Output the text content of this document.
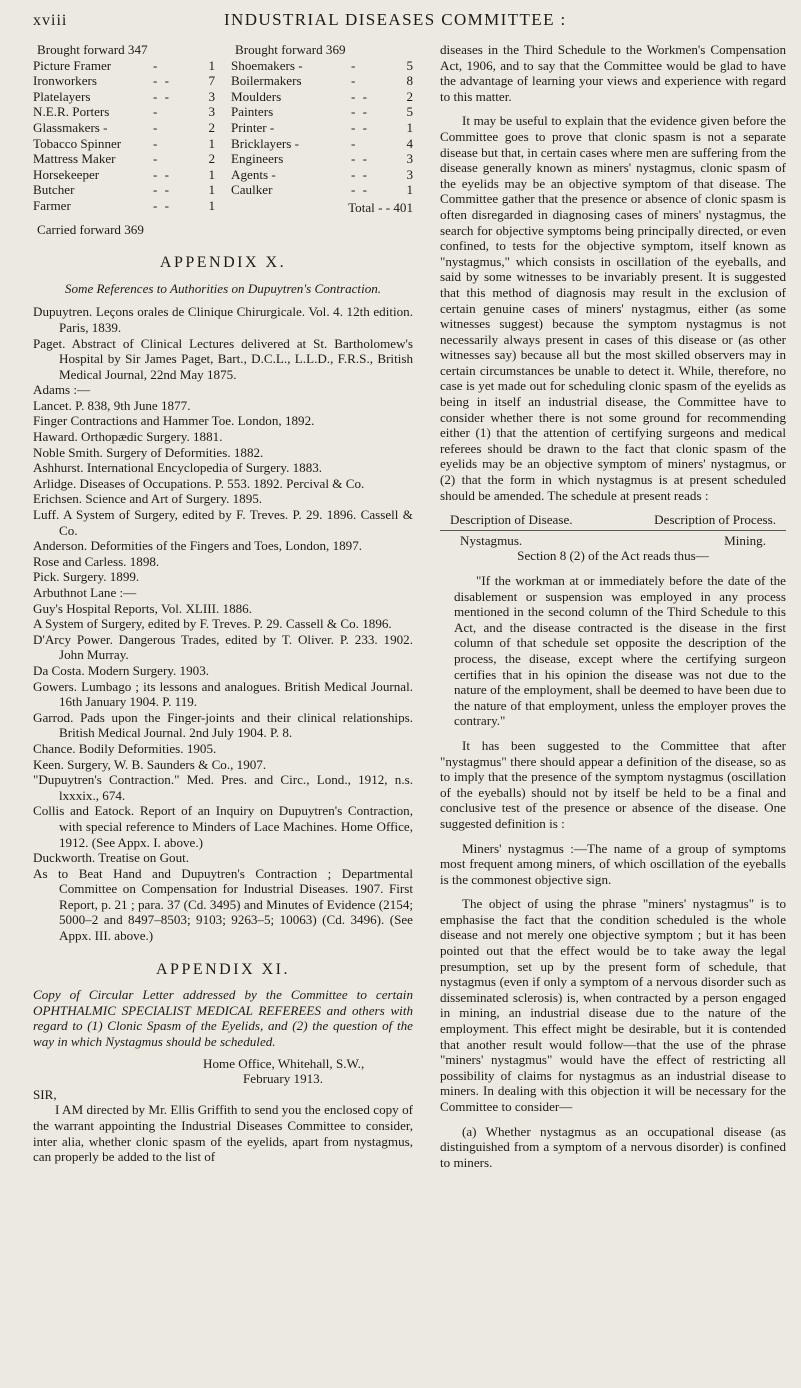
xviii	INDUSTRIAL DISEASES COMMITTEE :
Brought forward 347
Picture Framer	-	1
Ironworkers	- -	7
Platelayers	- -	3
N.E.R. Porters	-	3
Glassmakers -	-	2
Tobacco Spinner	-	1
Mattress Maker	-	2
Horsekeeper	- -	1
Butcher	- -	1
Farmer	- -	1
Carried forward 369
Brought forward 369
Shoemakers -	-	5
Boilermakers	-	8
Moulders	- -	2
Painters	- -	5
Printer -	- -	1
Bricklayers -	-	4
Engineers	- -	3
Agents -	- -	3
Caulker	- -	1
Total - - 401
APPENDIX X.
Some References to Authorities on Dupuytren's Contraction.

Dupuytren. Leçons orales de Clinique Chirurgicale. Vol. 4. 12th edition. Paris, 1839.

Paget. Abstract of Clinical Lectures delivered at St. Bartholomew's Hospital by Sir James Paget, Bart., D.C.L., L.L.D., F.R.S., British Medical Journal, 22nd May 1875.

Adams :—

Lancet. P. 838, 9th June 1877.

Finger Contractions and Hammer Toe. London, 1892.

Haward. Orthopædic Surgery. 1881.

Noble Smith. Surgery of Deformities. 1882.

Ashhurst. International Encyclopedia of Surgery. 1883.

Arlidge. Diseases of Occupations. P. 553. 1892. Percival & Co.

Erichsen. Science and Art of Surgery. 1895.

Luff. A System of Surgery, edited by F. Treves. P. 29. 1896. Cassell & Co.

Anderson. Deformities of the Fingers and Toes, London, 1897.

Rose and Carless. 1898.

Pick. Surgery. 1899.

Arbuthnot Lane :—

Guy's Hospital Reports, Vol. XLIII. 1886.

A System of Surgery, edited by F. Treves. P. 29. Cassell & Co. 1896.

D'Arcy Power. Dangerous Trades, edited by T. Oliver. P. 233. 1902. John Murray.

Da Costa. Modern Surgery. 1903.

Gowers. Lumbago ; its lessons and analogues. British Medical Journal. 16th January 1904. P. 119.

Garrod. Pads upon the Finger-joints and their clinical relationships. British Medical Journal. 2nd July 1904. P. 8.

Chance. Bodily Deformities. 1905.

Keen. Surgery, W. B. Saunders & Co., 1907.

"Dupuytren's Contraction." Med. Pres. and Circ., Lond., 1912, n.s. lxxxix., 674.

Collis and Eatock. Report of an Inquiry on Dupuytren's Contraction, with special reference to Minders of Lace Machines. Home Office, 1912. (See Appx. I. above.)

Duckworth. Treatise on Gout.

As to Beat Hand and Dupuytren's Contraction ; Departmental Committee on Compensation for Industrial Diseases. 1907. First Report, p. 21 ; para. 37 (Cd. 3495) and Minutes of Evidence (2154; 5000–2 and 8497–8503; 9103; 9263–5; 10063) (Cd. 3496). (See Appx. III. above.)

APPENDIX XI.

Copy of Circular Letter addressed by the Committee to certain OPHTHALMIC SPECIALIST MEDICAL REFEREES and others with regard to (1) Clonic Spasm of the Eyelids, and (2) the question of the way in which Nystagmus should be scheduled.

Home Office, Whitehall, S.W.,
February 1913.
SIR,

I AM directed by Mr. Ellis Griffith to send you the enclosed copy of the warrant appointing the Industrial Diseases Committee to consider, inter alia, whether clonic spasm of the eyelids, apart from nystagmus, can properly be added to the list of

diseases in the Third Schedule to the Workmen's Compensation Act, 1906, and to say that the Committee would be glad to have the advantage of learning your views and experience with regard to this matter.

It may be useful to explain that the evidence given before the Committee goes to prove that clonic spasm is not a separate disease but that, in certain cases where men are suffering from the disease generally known as miners' nystagmus, clonic spasm of the eyelids may be an objective symptom of that disease. The Committee gather that the presence or absence of clonic spasm is often disregarded in diagnosing cases of miners' nystagmus, the search for objective symptoms being principally directed, or even confined, to tests for the objective symptom, itself known as "nystagmus," which consists in oscillation of the eyeballs, and said by some witnesses to be invariably present. It is suggested that this method of diagnosis may result in the exclusion of certain genuine cases of miners' nystagmus, either (as some witnesses suggest) because the symptom nystagmus is not necessarily always present in cases of this disease or (as other witnesses say) because all but the most skilled observers may in certain circumstances be unable to detect it. While, therefore, no case is yet made out for scheduling clonic spasm of the eyelids as being in itself an industrial disease, the Committee have to consider whether there is not some ground for recommending either (1) that the attention of certifying surgeons and medical referees should be drawn to the fact that clonic spasm of the eyelids may be an objective symptom of miners' nystagmus, or (2) that the form in which nystagmus is at present scheduled should be amended. The schedule at present reads :

Description of Disease.	Description of Process.
Nystagmus.	Mining.

Section 8 (2) of the Act reads thus—

"If the workman at or immediately before the date of the disablement or suspension was employed in any process mentioned in the second column of the Third Schedule to this Act, and the disease contracted is the disease in the first column of that schedule set opposite the description of the process, the disease, except where the certifying surgeon certifies that in his opinion the disease was not due to the nature of the employment, shall be deemed to have been due to the nature of that employment, unless the employer proves the contrary."

It has been suggested to the Committee that after "nystagmus" there should appear a definition of the disease, so as to imply that the presence of the symptom nystagmus (oscillation of the eyeballs) should not by itself be held to be a final and conclusive test of the presence or absence of the disease. One suggested definition is :

Miners' nystagmus :—The name of a group of symptoms most frequent among miners, of which oscillation of the eyeballs is the commonest objective sign.

The object of using the phrase "miners' nystagmus" is to emphasise the fact that the condition scheduled is the whole disease and not merely one objective symptom ; but it has been pointed out that the effect would be to take away the legal presumption, set up by the present form of schedule, that nystagmus (even if only a symptom of a nervous disorder such as disseminated sclerosis) is, when contracted by a person engaged in mining, an industrial disease due to the nature of the employment. This effect might be desirable, but it is contended that another result would follow—that the use of the phrase "miners' nystagmus" would have the effect of restricting all possibility of claims for nystagmus as an industrial disease to miners. In dealing with this objection it will be necessary for the Committee to consider—

(a) Whether nystagmus as an occupational disease (as distinguished from a symptom of a nervous disorder) is confined to miners.
